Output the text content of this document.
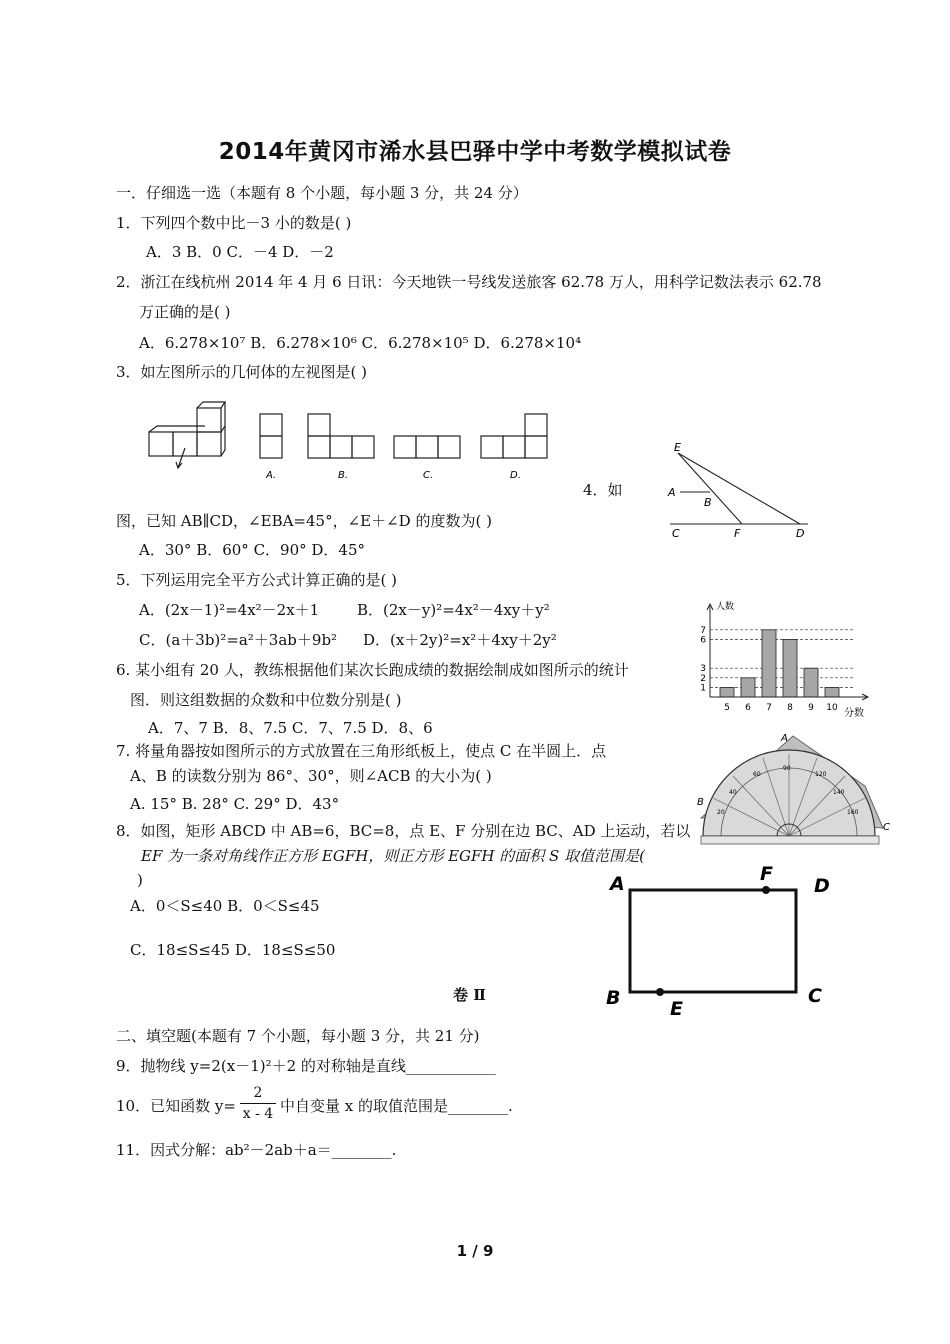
2014年黄冈市浠水县巴驿中学中考数学模拟试卷
一．仔细选一选（本题有 8 个小题，每小题 3 分，共 24 分）
1．下列四个数中比－3 小的数是( )
A．3 B．0 C．－4 D．－2
2．浙江在线杭州 2014 年 4 月 6 日讯：今天地铁一号线发送旅客 62.78 万人，用科学记数法表示 62.78
万正确的是( )
A．6.278×10⁷ B．6.278×10⁶ C．6.278×10⁵ D．6.278×10⁴
3．如左图所示的几何体的左视图是( )
A.	B.	C.	D.
E
A
B
C	F	D
4．如
图，已知 AB∥CD，∠EBA=45°，∠E＋∠D 的度数为( )
A．30° B．60° C．90° D．45°
5．下列运用完全平方公式计算正确的是( )
A．(2x－1)²=4x²－2x＋1	B．(2x－y)²=4x²－4xy＋y²
C．(a＋3b)²=a²＋3ab＋9b² D．(x＋2y)²=x²＋4xy＋2y²
5 6 7 8 9 10
1
2
3
6
7
人数
分数
6. 某小组有 20 人，教练根据他们某次长跑成绩的数据绘制成如图所示的统计
图．则这组数据的众数和中位数分别是( )
A．7、7 B．8、7.5 C．7、7.5 D．8、6
7. 将量角器按如图所示的方式放置在三角形纸板上，使点 C 在半圆上．点
A、B 的读数分别为 86°、30°，则∠ACB 的大小为( )
A. 15° B. 28° C. 29° D．43°
90
60	120
40	140
20	160
A
B
C
8．如图，矩形 ABCD 中 AB=6，BC=8，点 E、F 分别在边 BC、AD 上运动，若以
EF 为一条对角线作正方形 EGFH，则正方形 EGFH 的面积 S 取值范围是(
)
A．0＜S≤40 B．0＜S≤45
C．18≤S≤45 D．18≤S≤50
A	F
D
B	E
C
卷 Ⅱ
二、填空题(本题有 7 个小题，每小题 3 分，共 21 分)
9．抛物线 y=2(x－1)²＋2 的对称轴是直线____________
10．已知函数 y=
2
x - 4 中自变量 x 的取值范围是________.
11．因式分解：ab²－2ab＋a＝________.
1 / 9
